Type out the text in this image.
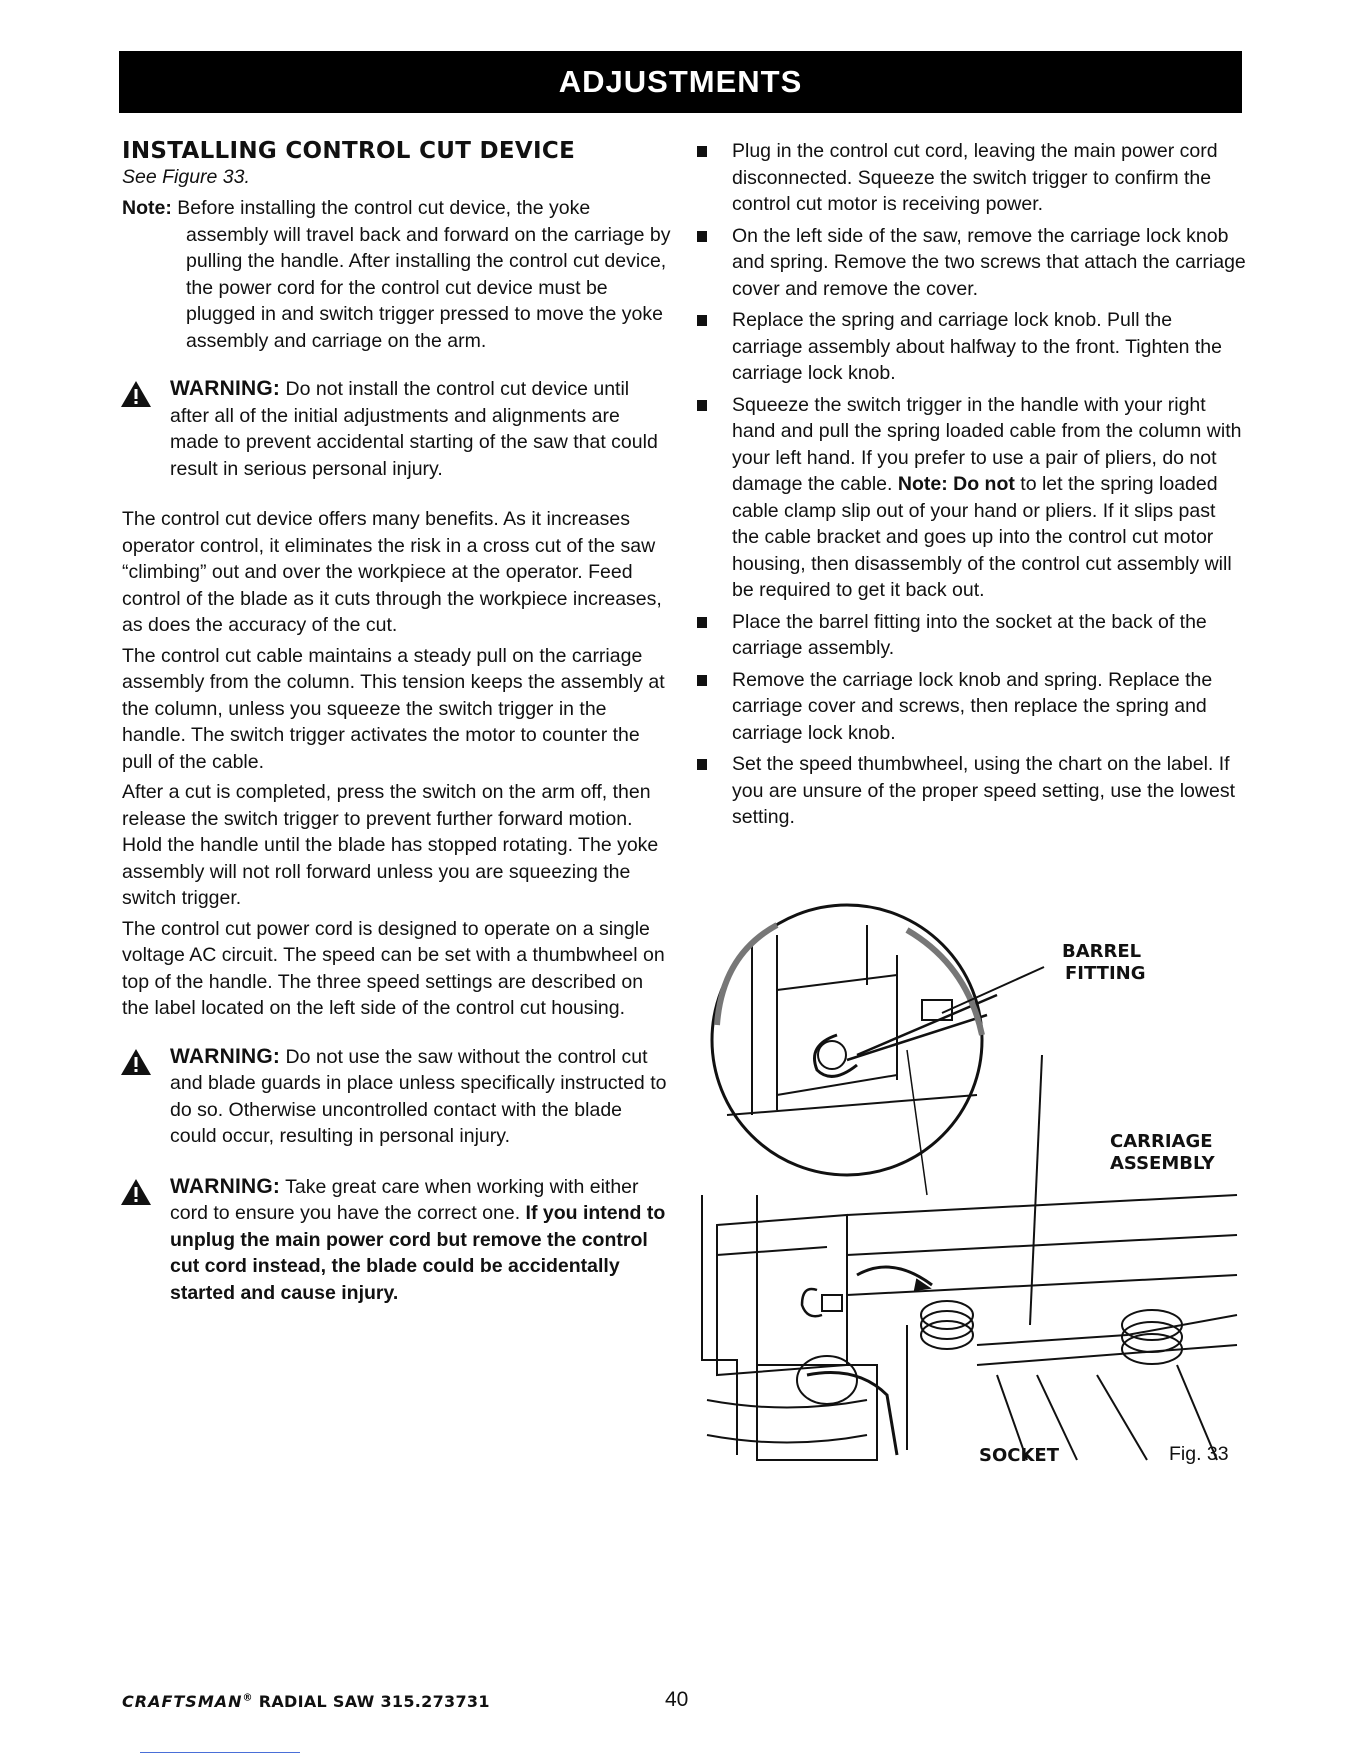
ADJUSTMENTS
INSTALLING CONTROL CUT DEVICE
See Figure 33.

Note: Before installing the control cut device, the yoke assembly will travel back and forward on the carriage by pulling the handle. After installing the control cut device, the power cord for the control cut device must be plugged in and switch trigger pressed to move the yoke assembly and carriage on the arm.

WARNING: Do not install the control cut device until after all of the initial adjustments and alignments are made to prevent accidental starting of the saw that could result in serious personal injury.

The control cut device offers many benefits. As it increases operator control, it eliminates the risk in a cross cut of the saw “climbing” out and over the workpiece at the operator. Feed control of the blade as it cuts through the workpiece increases, as does the accuracy of the cut.

The control cut cable maintains a steady pull on the carriage assembly from the column. This tension keeps the assembly at the column, unless you squeeze the switch trigger in the handle. The switch trigger activates the motor to counter the pull of the cable.

After a cut is completed, press the switch on the arm off, then release the switch trigger to prevent further forward motion. Hold the handle until the blade has stopped rotating. The yoke assembly will not roll forward unless you are squeezing the switch trigger.

The control cut power cord is designed to operate on a single voltage AC circuit. The speed can be set with a thumbwheel on top of the handle. The three speed settings are described on the label located on the left side of the control cut housing.

WARNING: Do not use the saw without the control cut and blade guards in place unless specifically instructed to do so. Otherwise uncontrolled contact with the blade could occur, resulting in personal injury.
WARNING: Take great care when working with either cord to ensure you have the correct one. If you intend to unplug the main power cord but remove the control cut cord instead, the blade could be accidentally started and cause injury.
Plug in the control cut cord, leaving the main power cord disconnected. Squeeze the switch trigger to confirm the control cut motor is receiving power.
On the left side of the saw, remove the carriage lock knob and spring. Remove the two screws that attach the carriage cover and remove the cover.
Replace the spring and carriage lock knob. Pull the carriage assembly about halfway to the front. Tighten the carriage lock knob.
Squeeze the switch trigger in the handle with your right hand and pull the spring loaded cable from the column with your left hand. If you prefer to use a pair of pliers, do not damage the cable. Note: Do not to let the spring loaded cable clamp slip out of your hand or pliers. If it slips past the cable bracket and goes up into the control cut motor housing, then disassembly of the control cut assembly will be required to get it back out.
Place the barrel fitting into the socket at the back of the carriage assembly.
Remove the carriage lock knob and spring. Replace the carriage cover and screws, then replace the spring and carriage lock knob.
Set the speed thumbwheel, using the chart on the label. If you are unsure of the proper speed setting, use the lowest setting.
BARREL
FITTING
CARRIAGE
ASSEMBLY
SOCKET	Fig. 33
CRAFTSMAN® RADIAL SAW 315.273731	40
